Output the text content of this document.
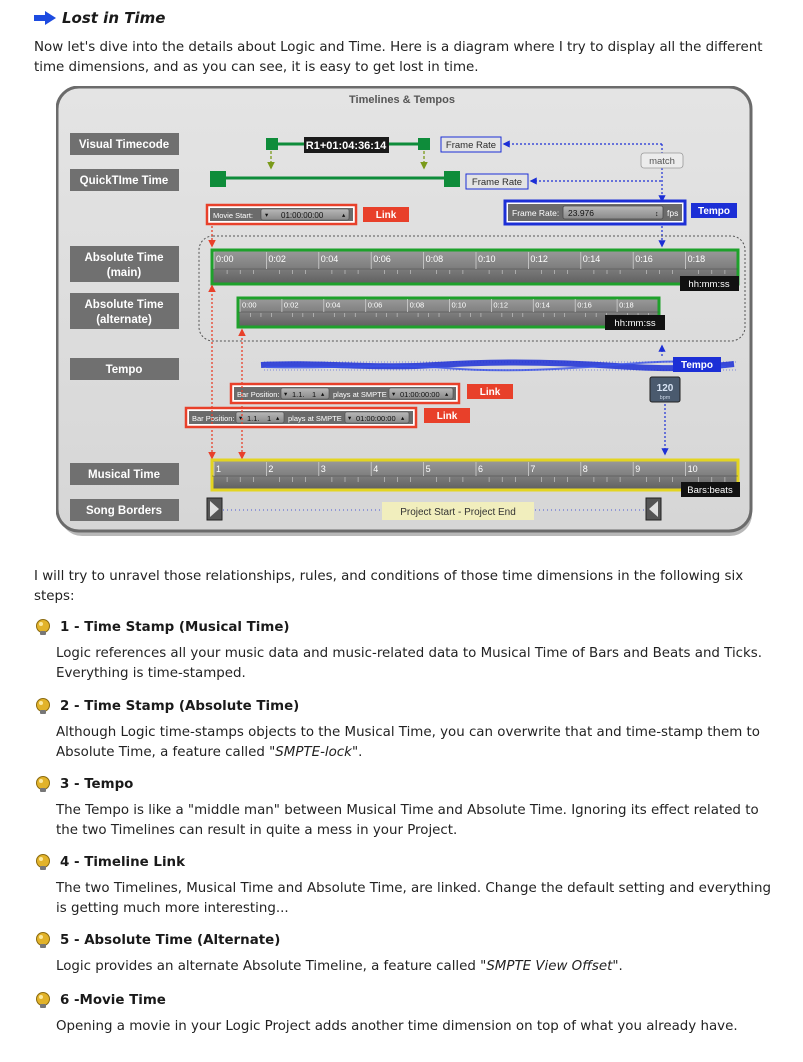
Lost in Time

Now let's dive into the details about Logic and Time. Here is a diagram where I try to display all the different time dimensions, and as you can see, it is easy to get lost in time.

Timelines & Tempos
Visual Timecode
QuickTIme Time
Absolute Time
(main)
Absolute Time
(alternate)
Tempo
Musical Time
Song Borders
R1+01:04:36:14	Frame Rate
Frame Rate
match
Frame Rate: 23.976	↕ fps Tempo
Movie Start: ▾ 01:00:00:00	▴	Link
0:00	0:02	0:04	0:06	0:08	0:10	0:12	0:14	0:16	0:18
hh:mm:ss
0:00	0:02	0:04	0:06	0:08	0:10	0:12	0:14	0:16	0:18
hh:mm:ss
Tempo
120
bpm
Bar Position: ▾ 1.1. 1 ▴ plays at SMPTE ▾ 01:00:00:00 ▴	Link
Bar Position: ▾ 1.1. 1 ▴ plays at SMPTE ▾ 01:00:00:00 ▴	Link
1	2	3	4	5	6	7	8	9	10
Bars:beats
Project Start - Project End

I will try to unravel those relationships, rules, and conditions of those time dimensions in the following six steps:

1 - Time Stamp (Musical Time)

Logic references all your music data and music-related data to Musical Time of Bars and Beats and Ticks. Everything is time-stamped.

2 - Time Stamp (Absolute Time)

Although Logic time-stamps objects to the Musical Time, you can overwrite that and time-stamp them to Absolute Time, a feature called "SMPTE-lock".

3 - Tempo

The Tempo is like a "middle man" between Musical Time and Absolute Time. Ignoring its effect related to the two Timelines can result in quite a mess in your Project.

4 - Timeline Link

The two Timelines, Musical Time and Absolute Time, are linked. Change the default setting and everything is getting much more interesting...

5 - Absolute Time (Alternate)

Logic provides an alternate Absolute Timeline, a feature called "SMPTE View Offset".

6 -Movie Time

Opening a movie in your Logic Project adds another time dimension on top of what you already have.
